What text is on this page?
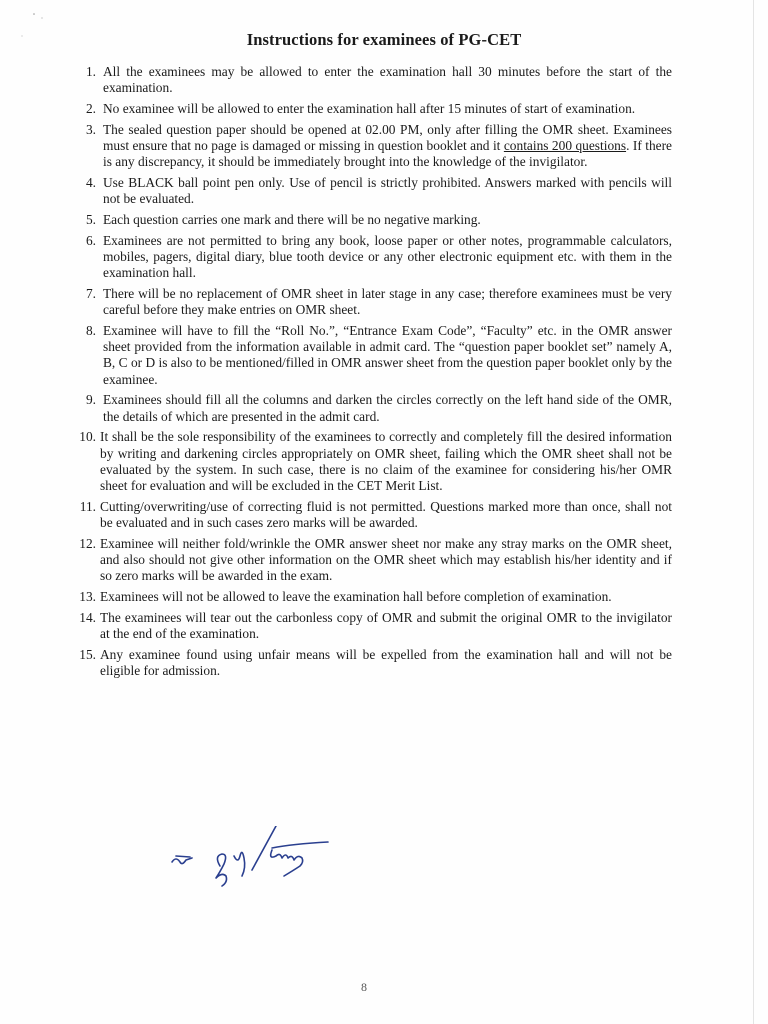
Instructions for examinees of PG-CET
1. All the examinees may be allowed to enter the examination hall 30 minutes before the start of the examination.
2. No examinee will be allowed to enter the examination hall after 15 minutes of start of examination.
3. The sealed question paper should be opened at 02.00 PM, only after filling the OMR sheet. Examinees must ensure that no page is damaged or missing in question booklet and it contains 200 questions. If there is any discrepancy, it should be immediately brought into the knowledge of the invigilator.
4. Use BLACK ball point pen only. Use of pencil is strictly prohibited. Answers marked with pencils will not be evaluated.
5. Each question carries one mark and there will be no negative marking.
6. Examinees are not permitted to bring any book, loose paper or other notes, programmable calculators, mobiles, pagers, digital diary, blue tooth device or any other electronic equipment etc. with them in the examination hall.
7. There will be no replacement of OMR sheet in later stage in any case; therefore examinees must be very careful before they make entries on OMR sheet.
8. Examinee will have to fill the “Roll No.”, “Entrance Exam Code”, “Faculty” etc. in the OMR answer sheet provided from the information available in admit card. The “question paper booklet set” namely A, B, C or D is also to be mentioned/filled in OMR answer sheet from the question paper booklet only by the examinee.
9. Examinees should fill all the columns and darken the circles correctly on the left hand side of the OMR, the details of which are presented in the admit card.
10. It shall be the sole responsibility of the examinees to correctly and completely fill the desired information by writing and darkening circles appropriately on OMR sheet, failing which the OMR sheet shall not be evaluated by the system. In such case, there is no claim of the examinee for considering his/her OMR sheet for evaluation and will be excluded in the CET Merit List.
11. Cutting/overwriting/use of correcting fluid is not permitted. Questions marked more than once, shall not be evaluated and in such cases zero marks will be awarded.
12. Examinee will neither fold/wrinkle the OMR answer sheet nor make any stray marks on the OMR sheet, and also should not give other information on the OMR sheet which may establish his/her identity and if so zero marks will be awarded in the exam.
13. Examinees will not be allowed to leave the examination hall before completion of examination.
14. The examinees will tear out the carbonless copy of OMR and submit the original OMR to the invigilator at the end of the examination.
15. Any examinee found using unfair means will be expelled from the examination hall and will not be eligible for admission.
8
